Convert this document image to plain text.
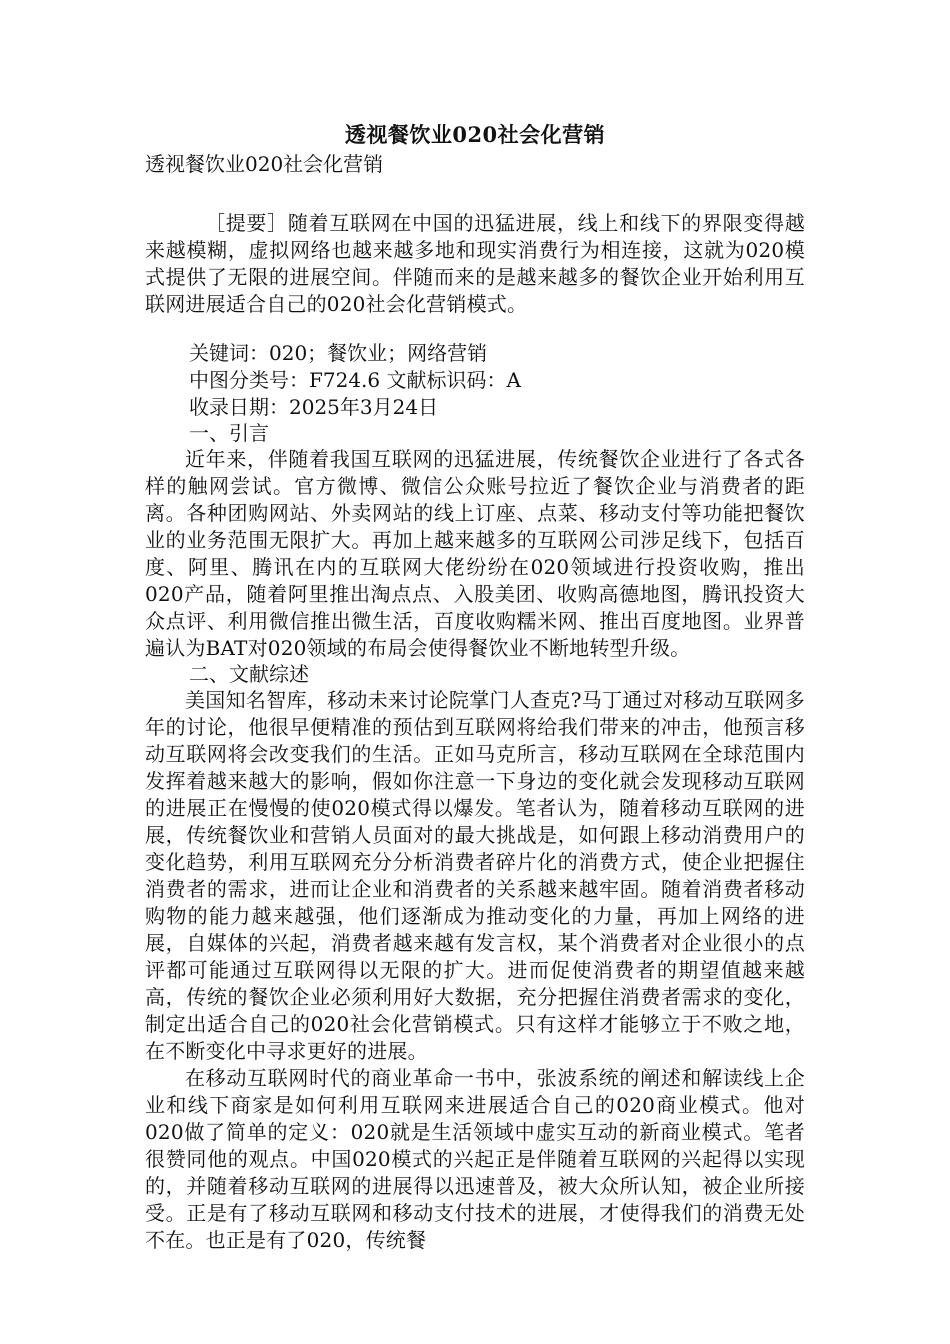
透视餐饮业020社会化营销

透视餐饮业020社会化营销

［提要］随着互联网在中国的迅猛进展，线上和线下的界限变得越来越模糊，虚拟网络也越来越多地和现实消费行为相连接，这就为020模式提供了无限的进展空间。伴随而来的是越来越多的餐饮企业开始利用互联网进展适合自己的020社会化营销模式。

关键词：020；餐饮业；网络营销

中图分类号：F724.6 文献标识码：A

收录日期：2025年3月24日

一、引言

近年来，伴随着我国互联网的迅猛进展，传统餐饮企业进行了各式各样的触网尝试。官方微博、微信公众账号拉近了餐饮企业与消费者的距离。各种团购网站、外卖网站的线上订座、点菜、移动支付等功能把餐饮业的业务范围无限扩大。再加上越来越多的互联网公司涉足线下，包括百度、阿里、腾讯在内的互联网大佬纷纷在020领域进行投资收购，推出020产品，随着阿里推出淘点点、入股美团、收购高德地图，腾讯投资大众点评、利用微信推出微生活，百度收购糯米网、推出百度地图。业界普遍认为BAT对020领域的布局会使得餐饮业不断地转型升级。

二、文献综述

美国知名智库，移动未来讨论院掌门人查克?马丁通过对移动互联网多年的讨论，他很早便精准的预估到互联网将给我们带来的冲击，他预言移动互联网将会改变我们的生活。正如马克所言，移动互联网在全球范围内发挥着越来越大的影响，假如你注意一下身边的变化就会发现移动互联网的进展正在慢慢的使020模式得以爆发。笔者认为，随着移动互联网的进展，传统餐饮业和营销人员面对的最大挑战是，如何跟上移动消费用户的变化趋势，利用互联网充分分析消费者碎片化的消费方式，使企业把握住消费者的需求，进而让企业和消费者的关系越来越牢固。随着消费者移动购物的能力越来越强，他们逐渐成为推动变化的力量，再加上网络的进展，自媒体的兴起，消费者越来越有发言权，某个消费者对企业很小的点评都可能通过互联网得以无限的扩大。进而促使消费者的期望值越来越高，传统的餐饮企业必须利用好大数据，充分把握住消费者需求的变化，制定出适合自己的020社会化营销模式。只有这样才能够立于不败之地，在不断变化中寻求更好的进展。

在移动互联网时代的商业革命一书中，张波系统的阐述和解读线上企业和线下商家是如何利用互联网来进展适合自己的020商业模式。他对020做了简单的定义：020就是生活领域中虚实互动的新商业模式。笔者很赞同他的观点。中国020模式的兴起正是伴随着互联网的兴起得以实现的，并随着移动互联网的进展得以迅速普及，被大众所认知，被企业所接受。正是有了移动互联网和移动支付技术的进展，才使得我们的消费无处不在。也正是有了020，传统餐
